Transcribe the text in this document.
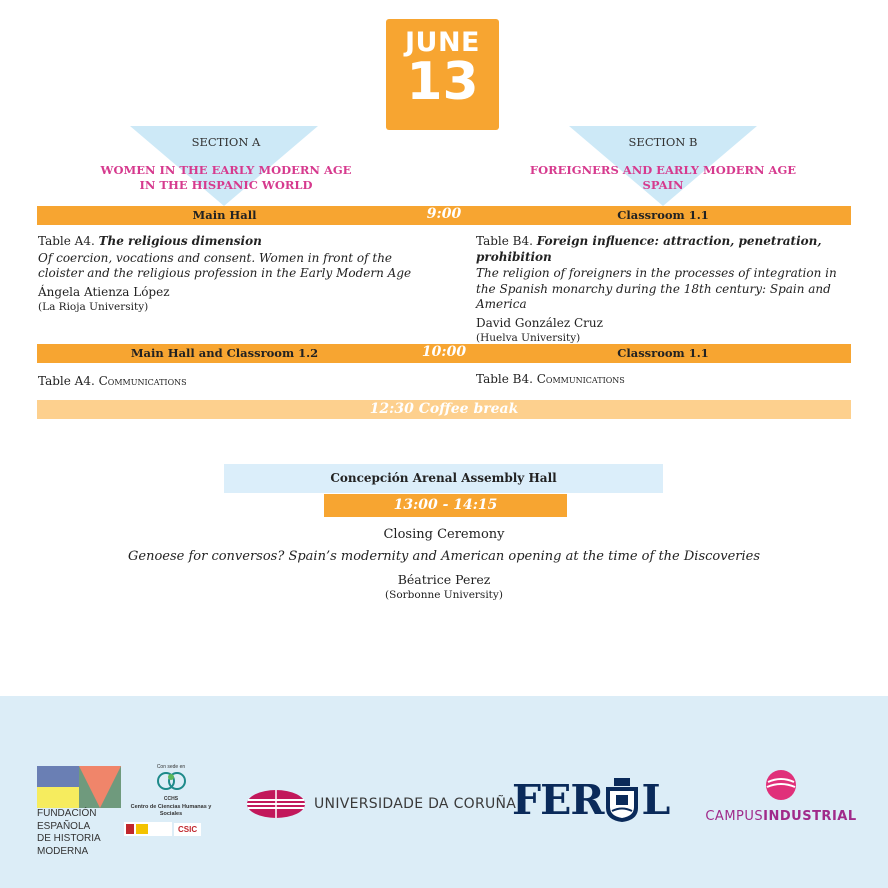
JUNE
13
SECTION A
WOMEN IN THE EARLY MODERN AGE
IN THE HISPANIC WORLD
SECTION B
FOREIGNERS AND EARLY MODERN AGE
SPAIN
Main Hall	9:00	Classroom 1.1
Table A4. The religious dimension
Of coercion, vocations and consent. Women in front of the cloister and the religious profession in the Early Modern Age
Ángela Atienza López
(La Rioja University)
Table B4. Foreign influence: attraction, penetration, prohibition
The religion of foreigners in the processes of integration in the Spanish monarchy during the 18th century: Spain and America
David González Cruz
(Huelva University)
Main Hall and Classroom 1.2	10:00	Classroom 1.1
Table A4. Communications	Table B4. Communications
12:30 Coffee break
Concepción Arenal Assembly Hall
13:00 - 14:15
Closing Ceremony
Genoese for conversos? Spain’s modernity and American opening at the time of the Discoveries
Béatrice Perez
(Sorbonne University)
FUNDACIÓN ESPAÑOLA
DE HISTORIA MODERNA
Con sede en
CCHS
Centro de Ciencias Humanas y Sociales
CSIC
UNIVERSIDADE DA CORUÑA
FER L	CAMPUSINDUSTRIAL
